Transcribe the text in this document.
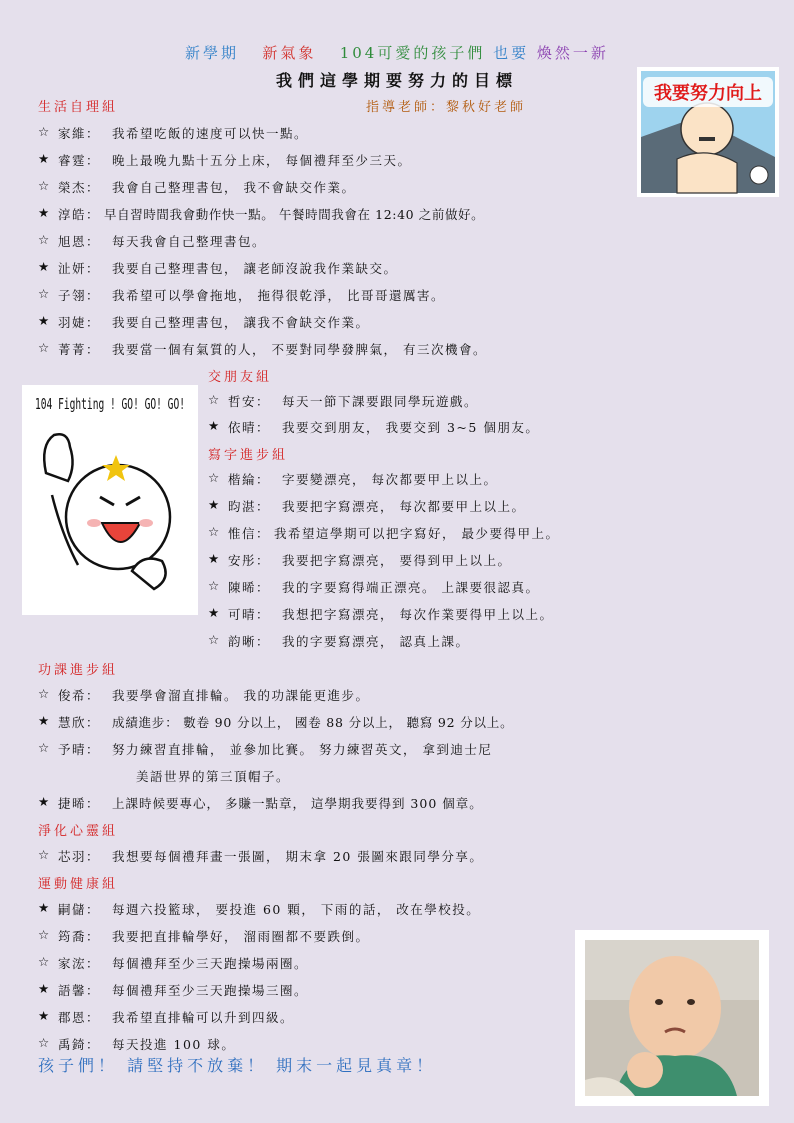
新學期 新氣象 104可愛的孩子們 也要 煥然一新
我們這學期要努力的目標
生活自理組	指導老師：黎秋好老師
☆ 家維： 我希望吃飯的速度可以快一點。
★ 睿霆： 晚上最晚九點十五分上床， 每個禮拜至少三天。
☆ 榮杰： 我會自己整理書包， 我不會缺交作業。
★ 淳皓： 早自習時間我會動作快一點。 午餐時間我會在 12:40 之前做好。
☆ 旭恩： 每天我會自己整理書包。
★ 沚妍： 我要自己整理書包， 讓老師沒說我作業缺交。
☆ 子翎： 我希望可以學會拖地， 拖得很乾淨， 比哥哥還厲害。
★ 羽婕： 我要自己整理書包， 讓我不會缺交作業。
☆ 菁菁： 我要當一個有氣質的人， 不要對同學發脾氣， 有三次機會。
交朋友組
☆ 哲安： 每天一節下課要跟同學玩遊戲。
★ 依晴： 我要交到朋友， 我要交到 3~5 個朋友。
寫字進步組
☆ 楷綸： 字要變漂亮， 每次都要甲上以上。
★ 昀湛： 我要把字寫漂亮， 每次都要甲上以上。
☆ 惟信： 我希望這學期可以把字寫好， 最少要得甲上。
★ 安彤： 我要把字寫漂亮， 要得到甲上以上。
☆ 陳晞： 我的字要寫得端正漂亮。 上課要很認真。
★ 可晴： 我想把字寫漂亮， 每次作業要得甲上以上。
☆ 韵晰： 我的字要寫漂亮， 認真上課。
功課進步組
☆ 俊希： 我要學會溜直排輪。 我的功課能更進步。
★ 慧欣： 成績進步： 數卷 90 分以上， 國卷 88 分以上， 聽寫 92 分以上。
☆ 予晴： 努力練習直排輪， 並參加比賽。 努力練習英文， 拿到迪士尼
美語世界的第三頂帽子。
★ 捷晞： 上課時候要專心， 多賺一點章， 這學期我要得到 300 個章。
淨化心靈組
☆ 芯羽： 我想要每個禮拜畫一張圖， 期末拿 20 張圖來跟同學分享。
運動健康組
★ 嗣儲： 每週六投籃球， 要投進 60 顆， 下雨的話， 改在學校投。
☆ 筠喬： 我要把直排輪學好， 溜雨圈都不要跌倒。
☆ 家浤： 每個禮拜至少三天跑操場兩圈。
★ 語馨： 每個禮拜至少三天跑操場三圈。
★ 郡恩： 我希望直排輪可以升到四級。
☆ 禹錡： 每天投進 100 球。
孩子們！ 請堅持不放棄！ 期末一起見真章！
我要努力向上
104 Fighting ! GO! GO! GO!
